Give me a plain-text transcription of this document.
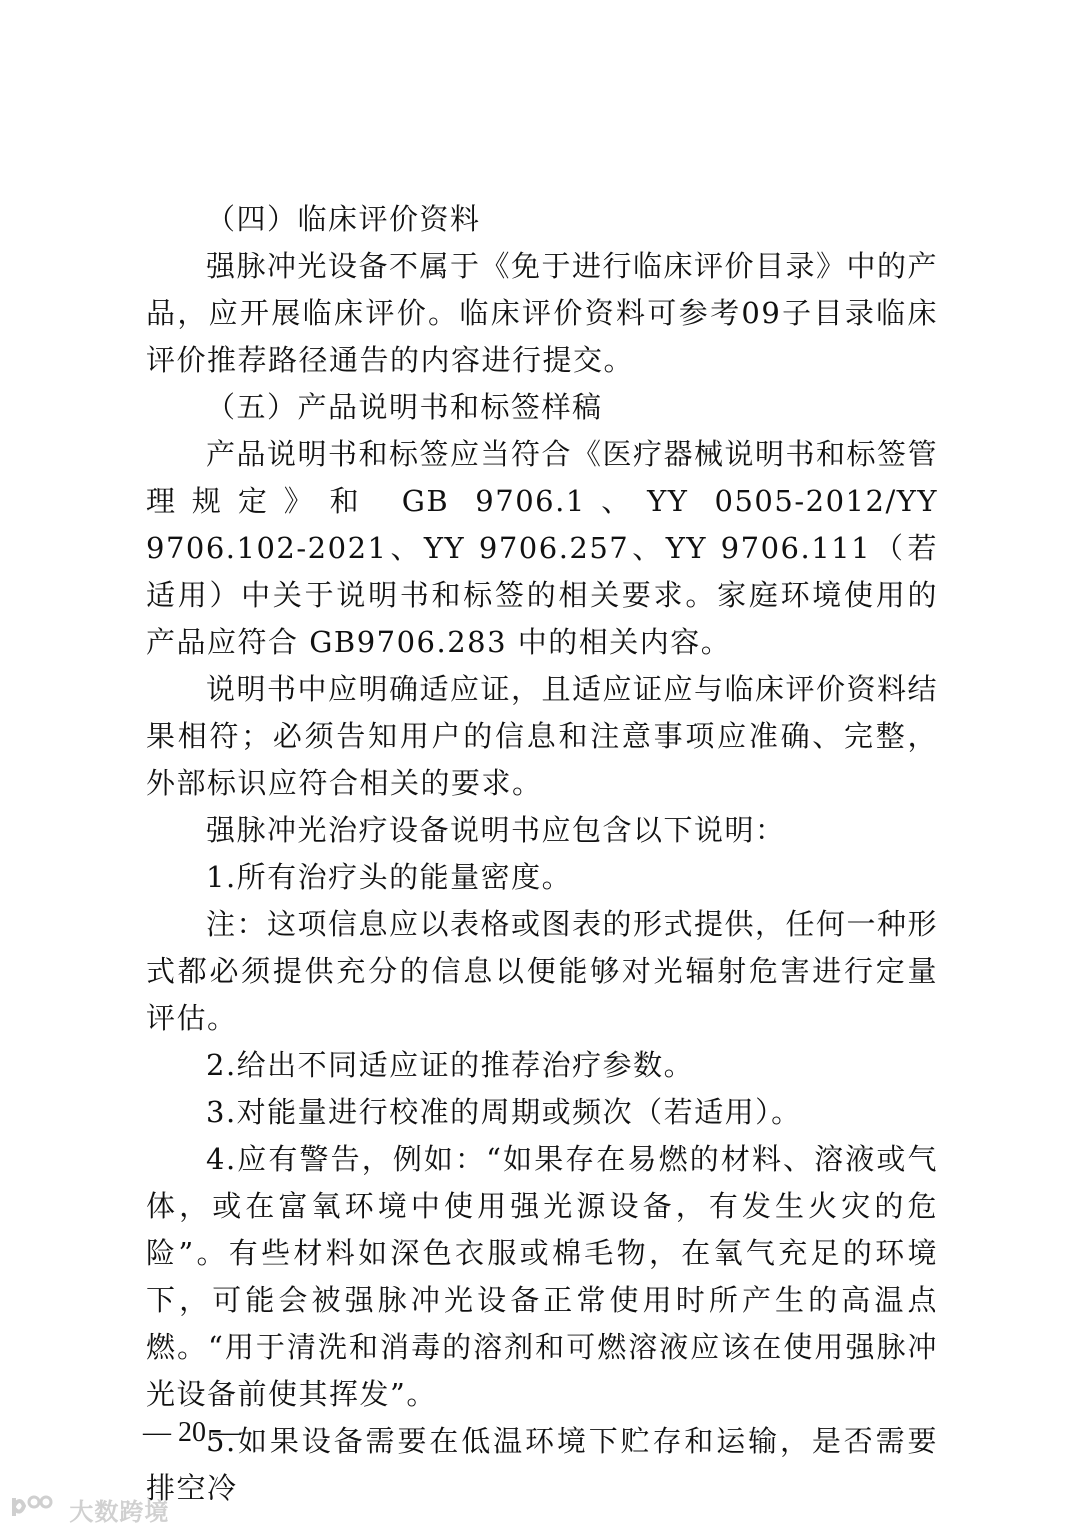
（四）临床评价资料

强脉冲光设备不属于《免于进行临床评价目录》中的产品，应开展临床评价。临床评价资料可参考09子目录临床评价推荐路径通告的内容进行提交。

（五）产品说明书和标签样稿

产品说明书和标签应当符合《医疗器械说明书和标签管理规定》和 GB 9706.1、YY 0505-2012/YY 9706.102-2021、YY 9706.257、YY 9706.111（若适用）中关于说明书和标签的相关要求。家庭环境使用的产品应符合 GB9706.283 中的相关内容。

说明书中应明确适应证，且适应证应与临床评价资料结果相符；必须告知用户的信息和注意事项应准确、完整，外部标识应符合相关的要求。

强脉冲光治疗设备说明书应包含以下说明：

1.所有治疗头的能量密度。

注：这项信息应以表格或图表的形式提供，任何一种形式都必须提供充分的信息以便能够对光辐射危害进行定量评估。

2.给出不同适应证的推荐治疗参数。

3.对能量进行校准的周期或频次（若适用）。

4.应有警告，例如：“如果存在易燃的材料、溶液或气体，或在富氧环境中使用强光源设备，有发生火灾的危险”。有些材料如深色衣服或棉毛物，在氧气充足的环境下，可能会被强脉冲光设备正常使用时所产生的高温点燃。“用于清洗和消毒的溶剂和可燃溶液应该在使用强脉冲光设备前使其挥发”。

5.如果设备需要在低温环境下贮存和运输，是否需要排空冷

— 20 —
大数跨境
